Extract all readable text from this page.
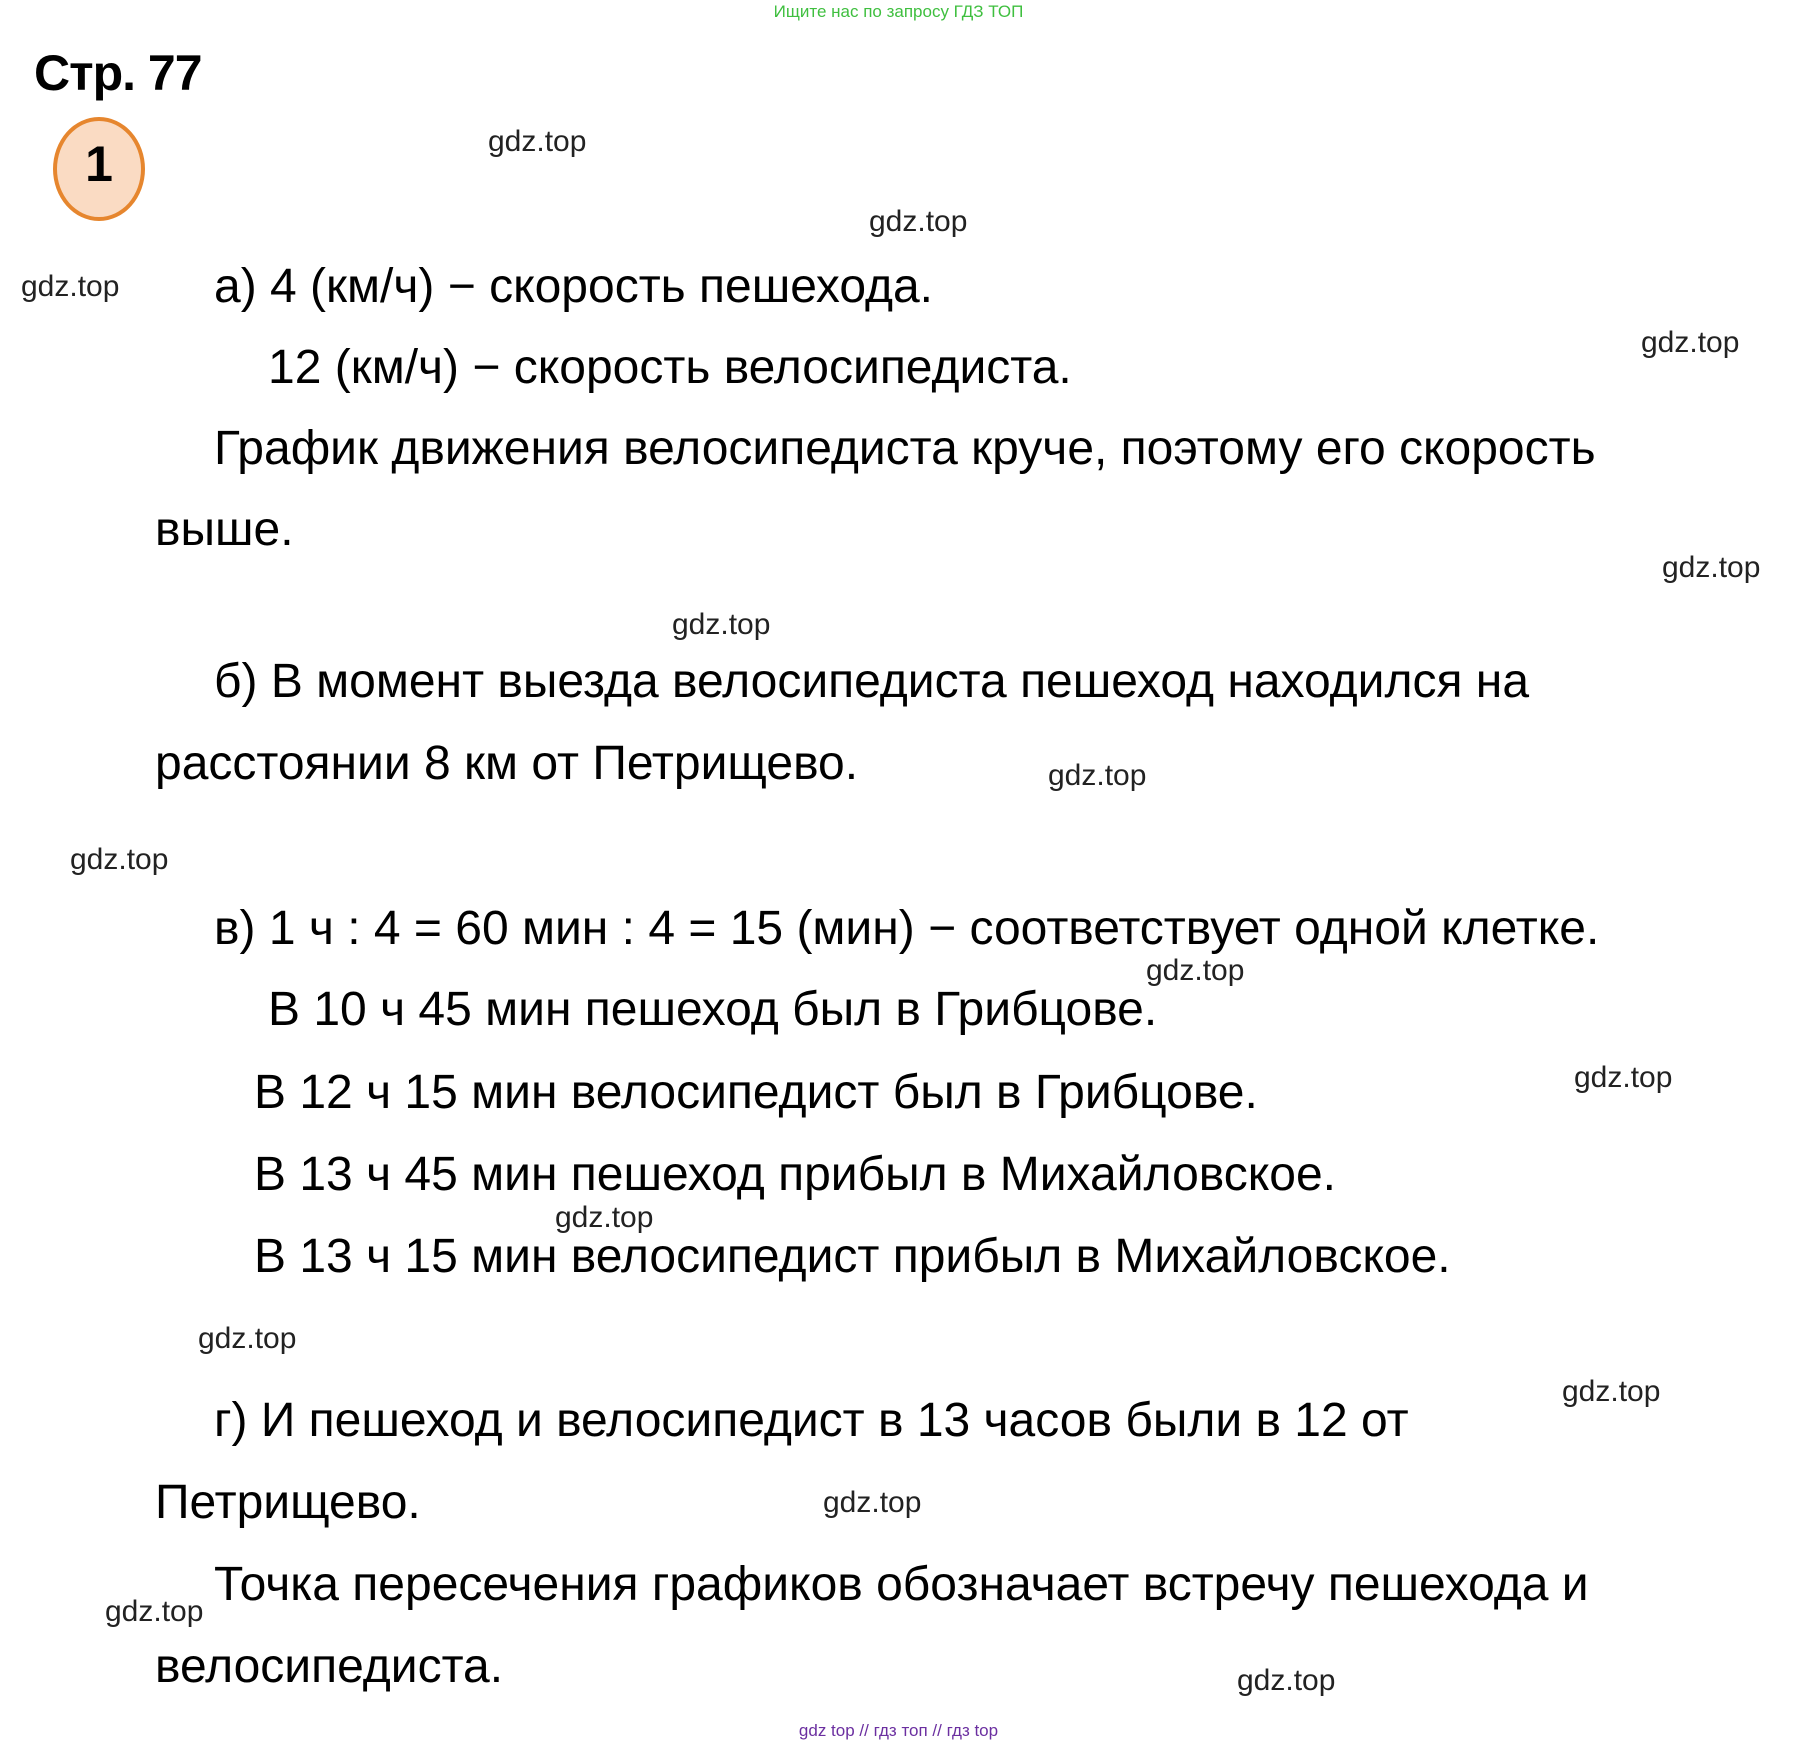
Ищите нас по запросу ГДЗ ТОП
Стр. 77
1
а) 4 (км/ч) − скорость пешехода.
12 (км/ч) − скорость велосипедиста.
График движения велосипедиста круче, поэтому его скорость
выше.
б) В момент выезда велосипедиста пешеход находился на
расстоянии 8 км от Петрищево.
в) 1 ч : 4 = 60 мин : 4 = 15 (мин) − соответствует одной клетке.
В 10 ч 45 мин пешеход был в Грибцове.
В 12 ч 15 мин велосипедист был в Грибцове.
В 13 ч 45 мин пешеход прибыл в Михайловское.
В 13 ч 15 мин велосипедист прибыл в Михайловское.
г) И пешеход и велосипедист в 13 часов были в 12 от
Петрищево.
Точка пересечения графиков обозначает встречу пешехода и
велосипедиста.
gdz.top
gdz.top
gdz.top
gdz.top
gdz.top
gdz.top
gdz.top
gdz.top
gdz.top
gdz.top
gdz.top
gdz.top
gdz.top
gdz.top
gdz.top
gdz.top
gdz top // гдз топ // гдз top
